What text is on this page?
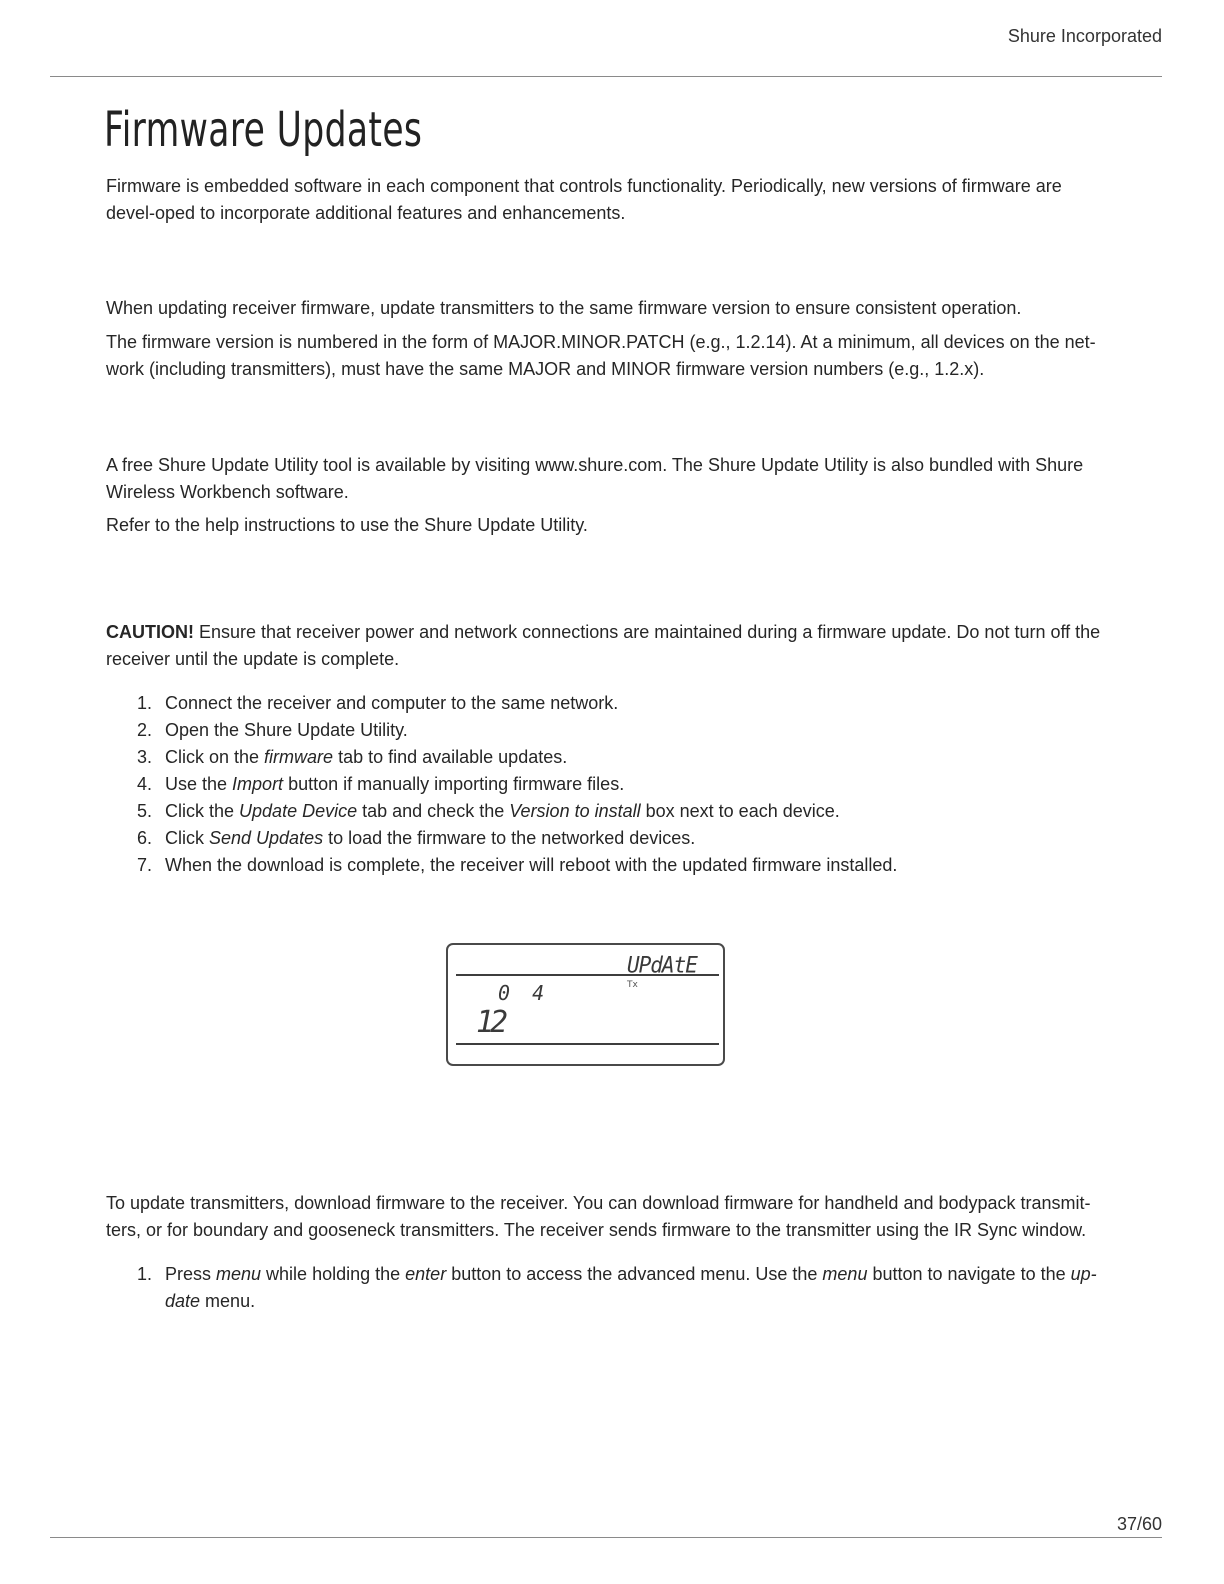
Shure Incorporated
Firmware Updates

Firmware is embedded software in each component that controls functionality. Periodically, new versions of firmware are devel-oped to incorporate additional features and enhancements.

When updating receiver firmware, update transmitters to the same firmware version to ensure consistent operation.

The firmware version is numbered in the form of MAJOR.MINOR.PATCH (e.g., 1.2.14). At a minimum, all devices on the net-work (including transmitters), must have the same MAJOR and MINOR firmware version numbers (e.g., 1.2.x).

A free Shure Update Utility tool is available by visiting www.shure.com. The Shure Update Utility is also bundled with Shure Wireless Workbench software.

Refer to the help instructions to use the Shure Update Utility.

CAUTION! Ensure that receiver power and network connections are maintained during a firmware update. Do not turn off the receiver until the update is complete.

1. Connect the receiver and computer to the same network.
2. Open the Shure Update Utility.
3. Click on the firmware tab to find available updates.
4. Use the Import button if manually importing firmware files.
5. Click the Update Device tab and check the Version to install box next to each device.
6. Click Send Updates to load the firmware to the networked devices.
7. When the download is complete, the receiver will reboot with the updated firmware installed.
UPdAtE
Tx
0 4
12

To update transmitters, download firmware to the receiver. You can download firmware for handheld and bodypack transmit-ters, or for boundary and gooseneck transmitters. The receiver sends firmware to the transmitter using the IR Sync window.

1. Press menu while holding the enter button to access the advanced menu. Use the menu button to navigate to the up-date menu.
37/60
